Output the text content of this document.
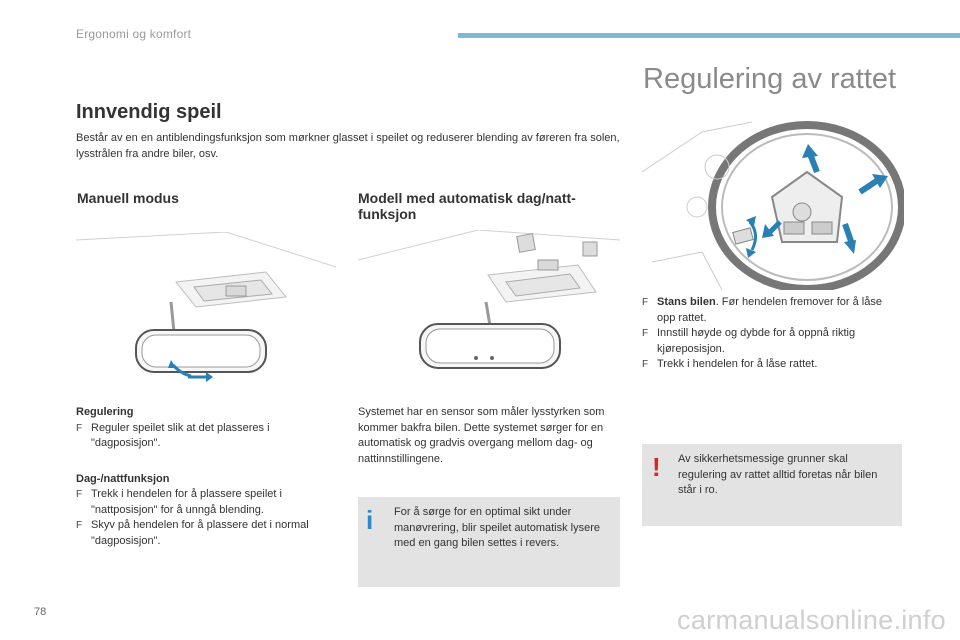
Ergonomi og komfort
Innvendig speil
Består av en en antiblendingsfunksjon som mørkner glasset i speilet og reduserer blending av føreren fra solen, lysstrålen fra andre biler, osv.
Manuell modus	Modell med automatisk dag/natt-funksjon
Regulering
F Reguler speilet slik at det plasseres i "dagposisjon".
Dag-/nattfunksjon
F Trekk i hendelen for å plassere speilet i "nattposisjon" for å unngå blending.
F Skyv på hendelen for å plassere det i normal "dagposisjon".
Systemet har en sensor som måler lysstyrken som kommer bakfra bilen. Dette systemet sørger for en automatisk og gradvis overgang mellom dag- og nattinnstillingene.
i For å sørge for en optimal sikt under manøvrering, blir speilet automatisk lysere med en gang bilen settes i revers.
Regulering av rattet
F Stans bilen. Før hendelen fremover for å låse opp rattet.
F Innstill høyde og dybde for å oppnå riktig kjøreposisjon.
F Trekk i hendelen for å låse rattet.
! Av sikkerhetsmessige grunner skal regulering av rattet alltid foretas når bilen står i ro.
78	carmanualsonline.info
